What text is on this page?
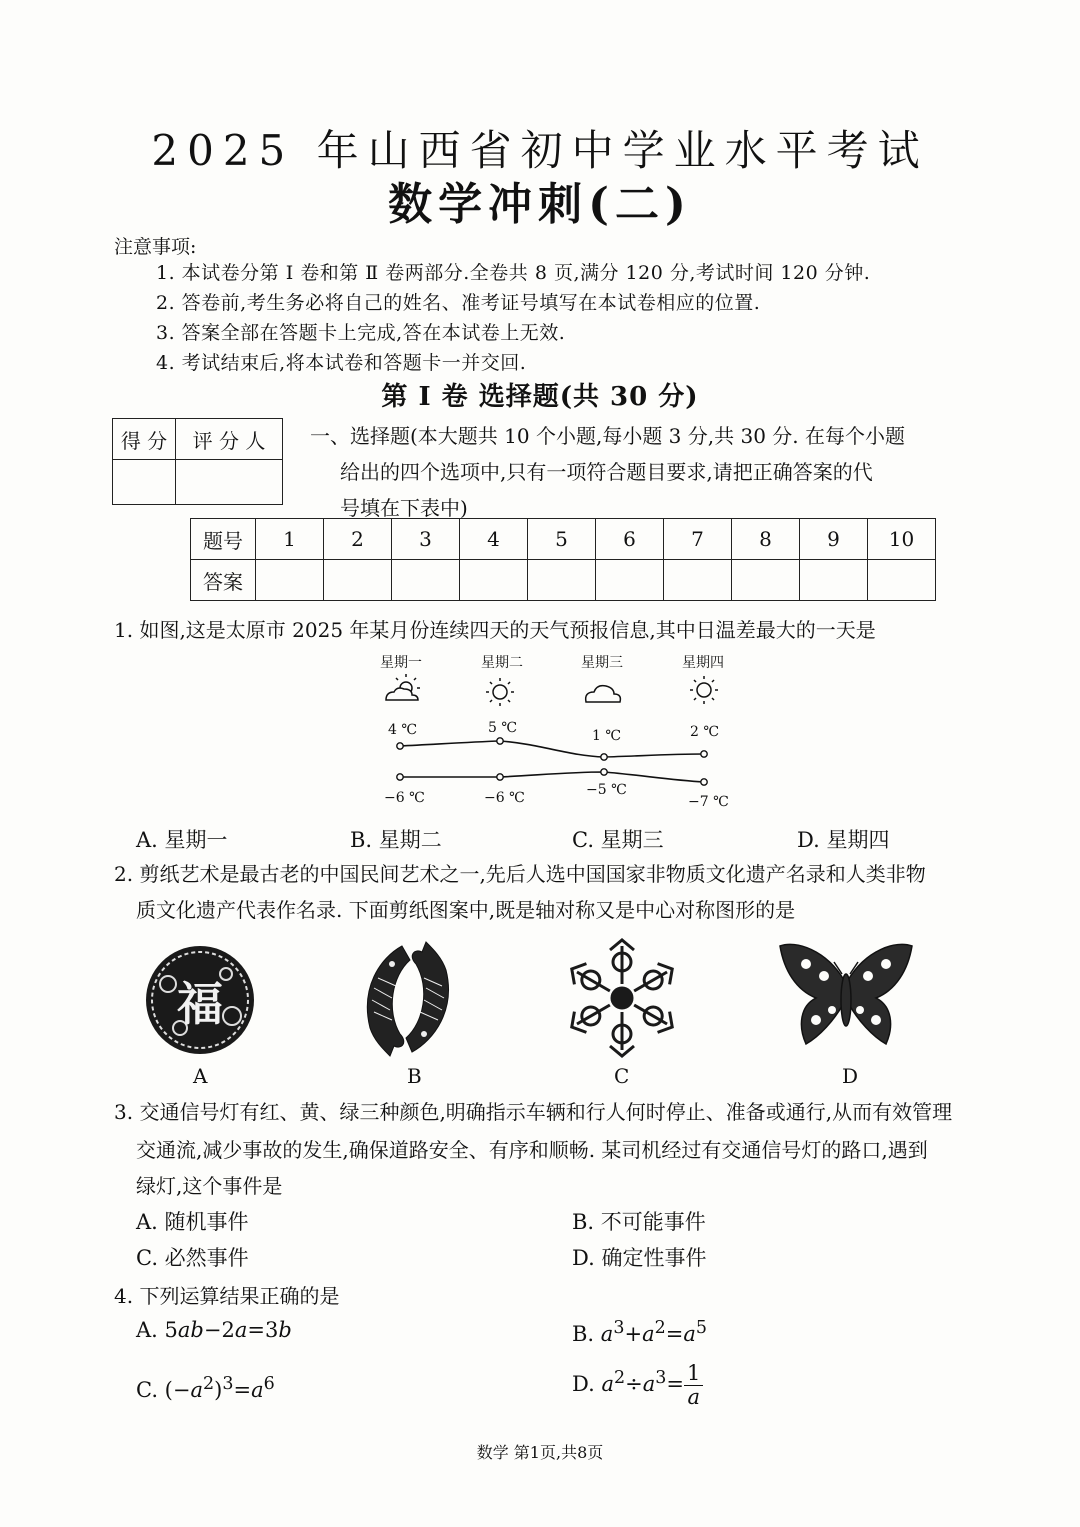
2025 年山西省初中学业水平考试
数学冲刺(二)
注意事项:
1. 本试卷分第 Ⅰ 卷和第 Ⅱ 卷两部分.全卷共 8 页,满分 120 分,考试时间 120 分钟.
2. 答卷前,考生务必将自己的姓名、准考证号填写在本试卷相应的位置.
3. 答案全部在答题卡上完成,答在本试卷上无效.
4. 考试结束后,将本试卷和答题卡一并交回.
第 Ⅰ 卷 选择题(共 30 分)
得 分	评 分 人
	一、选择题(本大题共 10 个小题,每小题 3 分,共 30 分. 在每个小题
给出的四个选项中,只有一项符合题目要求,请把正确答案的代
号填在下表中)
题号	1	2	3	4	5	6	7	8	9	10
答案										
1. 如图,这是太原市 2025 年某月份连续四天的天气预报信息,其中日温差最大的一天是
星期一	星期二	星期三	星期四
4 ℃	5 ℃	1 ℃	2 ℃
−6 ℃	−6 ℃	−5 ℃
−7 ℃
A. 星期一	B. 星期二	C. 星期三	D. 星期四
2. 剪纸艺术是最古老的中国民间艺术之一,先后人选中国国家非物质文化遗产名录和人类非物
质文化遗产代表作名录. 下面剪纸图案中,既是轴对称又是中心对称图形的是
福
A	B	C	D
3. 交通信号灯有红、黄、绿三种颜色,明确指示车辆和行人何时停止、准备或通行,从而有效管理
交通流,减少事故的发生,确保道路安全、有序和顺畅. 某司机经过有交通信号灯的路口,遇到
绿灯,这个事件是
A. 随机事件	B. 不可能事件
C. 必然事件	D. 确定性事件
4. 下列运算结果正确的是
A. 5ab−2a=3b	B. $a^3+a^2=a^5$
C. $(-a^2)^3=a^6$	D. $a^2\div a^3= \frac{1}{a}$
数学 第1页,共8页
